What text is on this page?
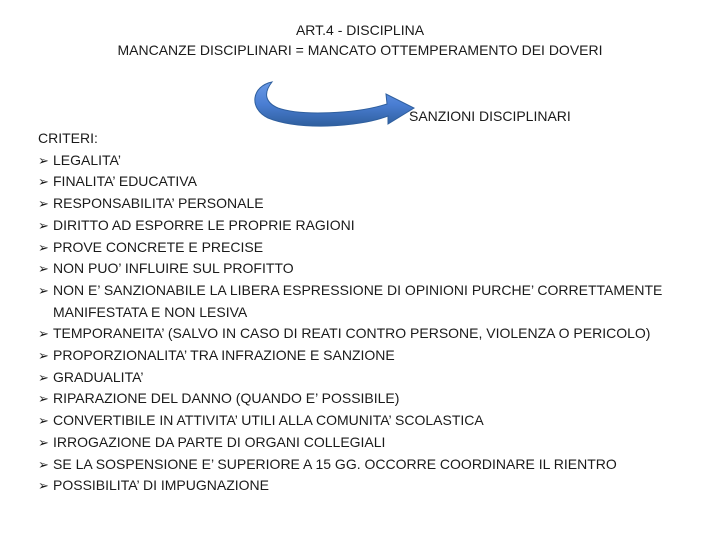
ART.4 - DISCIPLINA
MANCANZE DISCIPLINARI = MANCATO OTTEMPERAMENTO DEI DOVERI
SANZIONI DISCIPLINARI
CRITERI:
➢ LEGALITA’
➢ FINALITA’ EDUCATIVA
➢ RESPONSABILITA’ PERSONALE
➢ DIRITTO AD ESPORRE LE PROPRIE RAGIONI
➢ PROVE CONCRETE E PRECISE
➢ NON PUO’ INFLUIRE SUL PROFITTO
➢ NON E’ SANZIONABILE LA LIBERA ESPRESSIONE DI OPINIONI PURCHE’ CORRETTAMENTE MANIFESTATA E NON LESIVA
➢ TEMPORANEITA’ (SALVO IN CASO DI REATI CONTRO PERSONE, VIOLENZA O PERICOLO)
➢ PROPORZIONALITA’ TRA INFRAZIONE E SANZIONE
➢ GRADUALITA’
➢ RIPARAZIONE DEL DANNO (QUANDO E’ POSSIBILE)
➢ CONVERTIBILE IN ATTIVITA’ UTILI ALLA COMUNITA’ SCOLASTICA
➢ IRROGAZIONE DA PARTE DI ORGANI COLLEGIALI
➢ SE LA SOSPENSIONE E’ SUPERIORE A 15 GG. OCCORRE COORDINARE IL RIENTRO
➢ POSSIBILITA’ DI IMPUGNAZIONE
